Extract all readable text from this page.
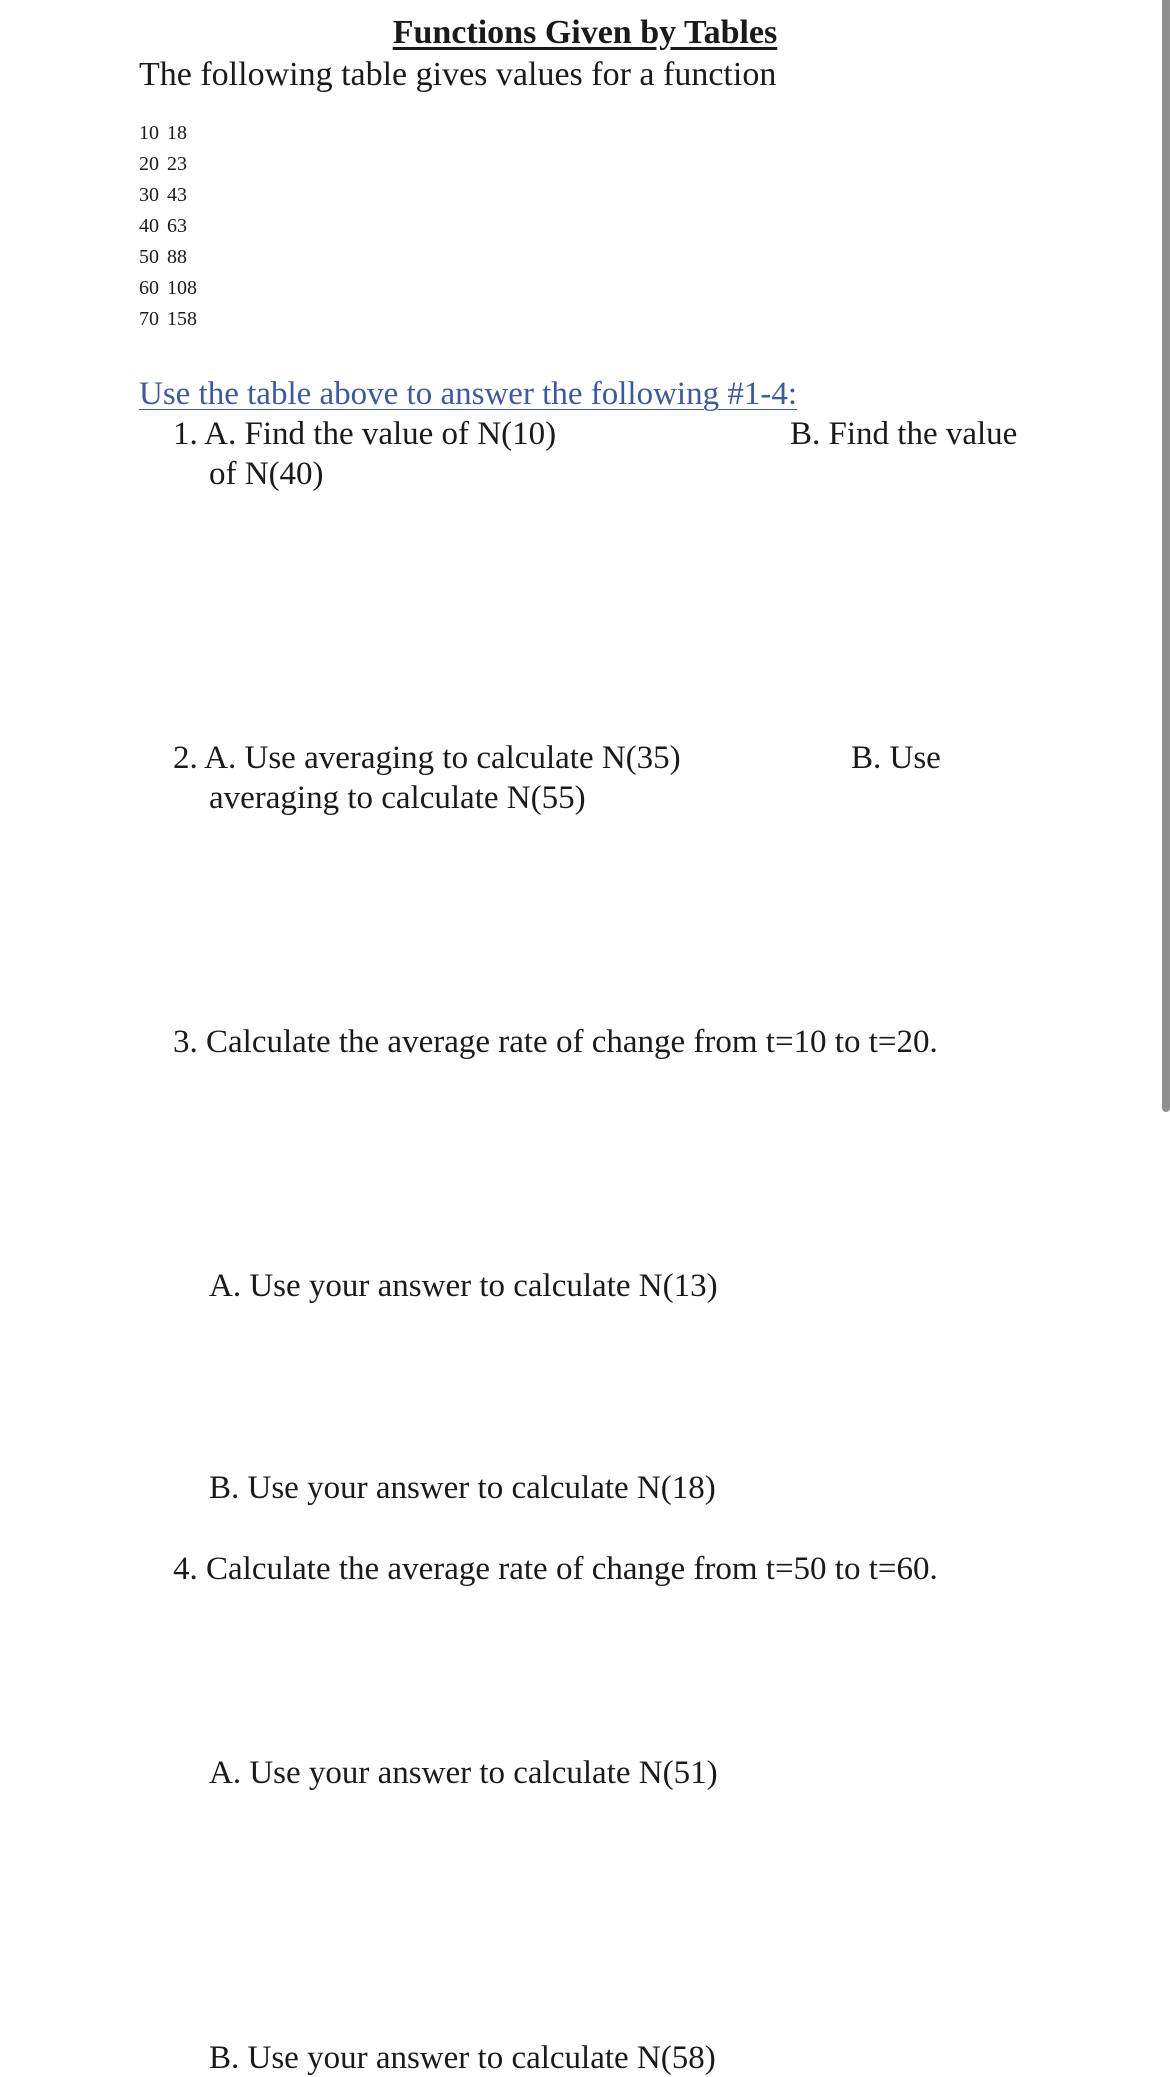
Functions Given by Tables
The following table gives values for a function
10 18
20 23
30 43
40 63
50 88
60 108
70 158
Use the table above to answer the following #1-4:
1. A. Find the value of N(10)	B. Find the value
of N(40)
2. A. Use averaging to calculate N(35)	B. Use
averaging to calculate N(55)
3. Calculate the average rate of change from t=10 to t=20.
A. Use your answer to calculate N(13)
B. Use your answer to calculate N(18)
4. Calculate the average rate of change from t=50 to t=60.
A. Use your answer to calculate N(51)
B. Use your answer to calculate N(58)
